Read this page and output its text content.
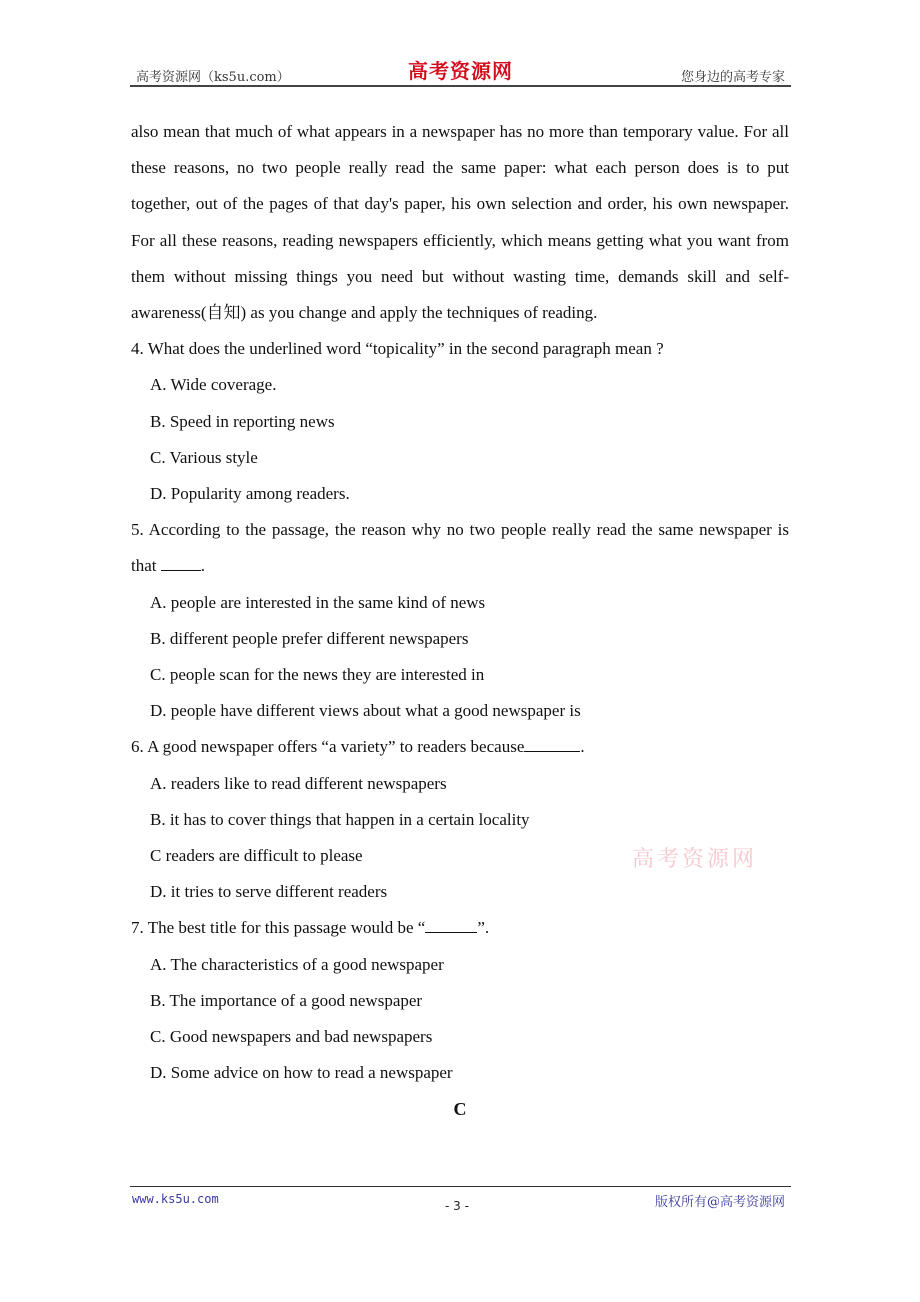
高考资源网（ks5u.com）	高考资源网	您身边的高考专家

also mean that much of what appears in a newspaper has no more than temporary value. For all these reasons, no two people really read the same paper: what each person does is to put together, out of the pages of that day's paper, his own selection and order, his own newspaper. For all these reasons, reading newspapers efficiently, which means getting what you want from them without missing things you need but without wasting time, demands skill and self- awareness(自知) as you change and apply the techniques of reading.

4. What does the underlined word “topicality” in the second paragraph mean ?

A. Wide coverage.

B. Speed in reporting news

C. Various style

D. Popularity among readers.

5. According to the passage, the reason why no two people really read the same newspaper is that	.

A. people are interested in the same kind of news

B. different people prefer different newspapers

C. people scan for the news they are interested in

D. people have different views about what a good newspaper is

6. A good newspaper offers “a variety” to readers because	.

A. readers like to read different newspapers

B. it has to cover things that happen in a certain locality

C readers are difficult to please

D. it tries to serve different readers

7. The best title for this passage would be “	”.

A. The characteristics of a good newspaper

B. The importance of a good newspaper

C. Good newspapers and bad newspapers

D. Some advice on how to read a newspaper

C

高考资源网
www.ks5u.com	- 3 -	版权所有@高考资源网
